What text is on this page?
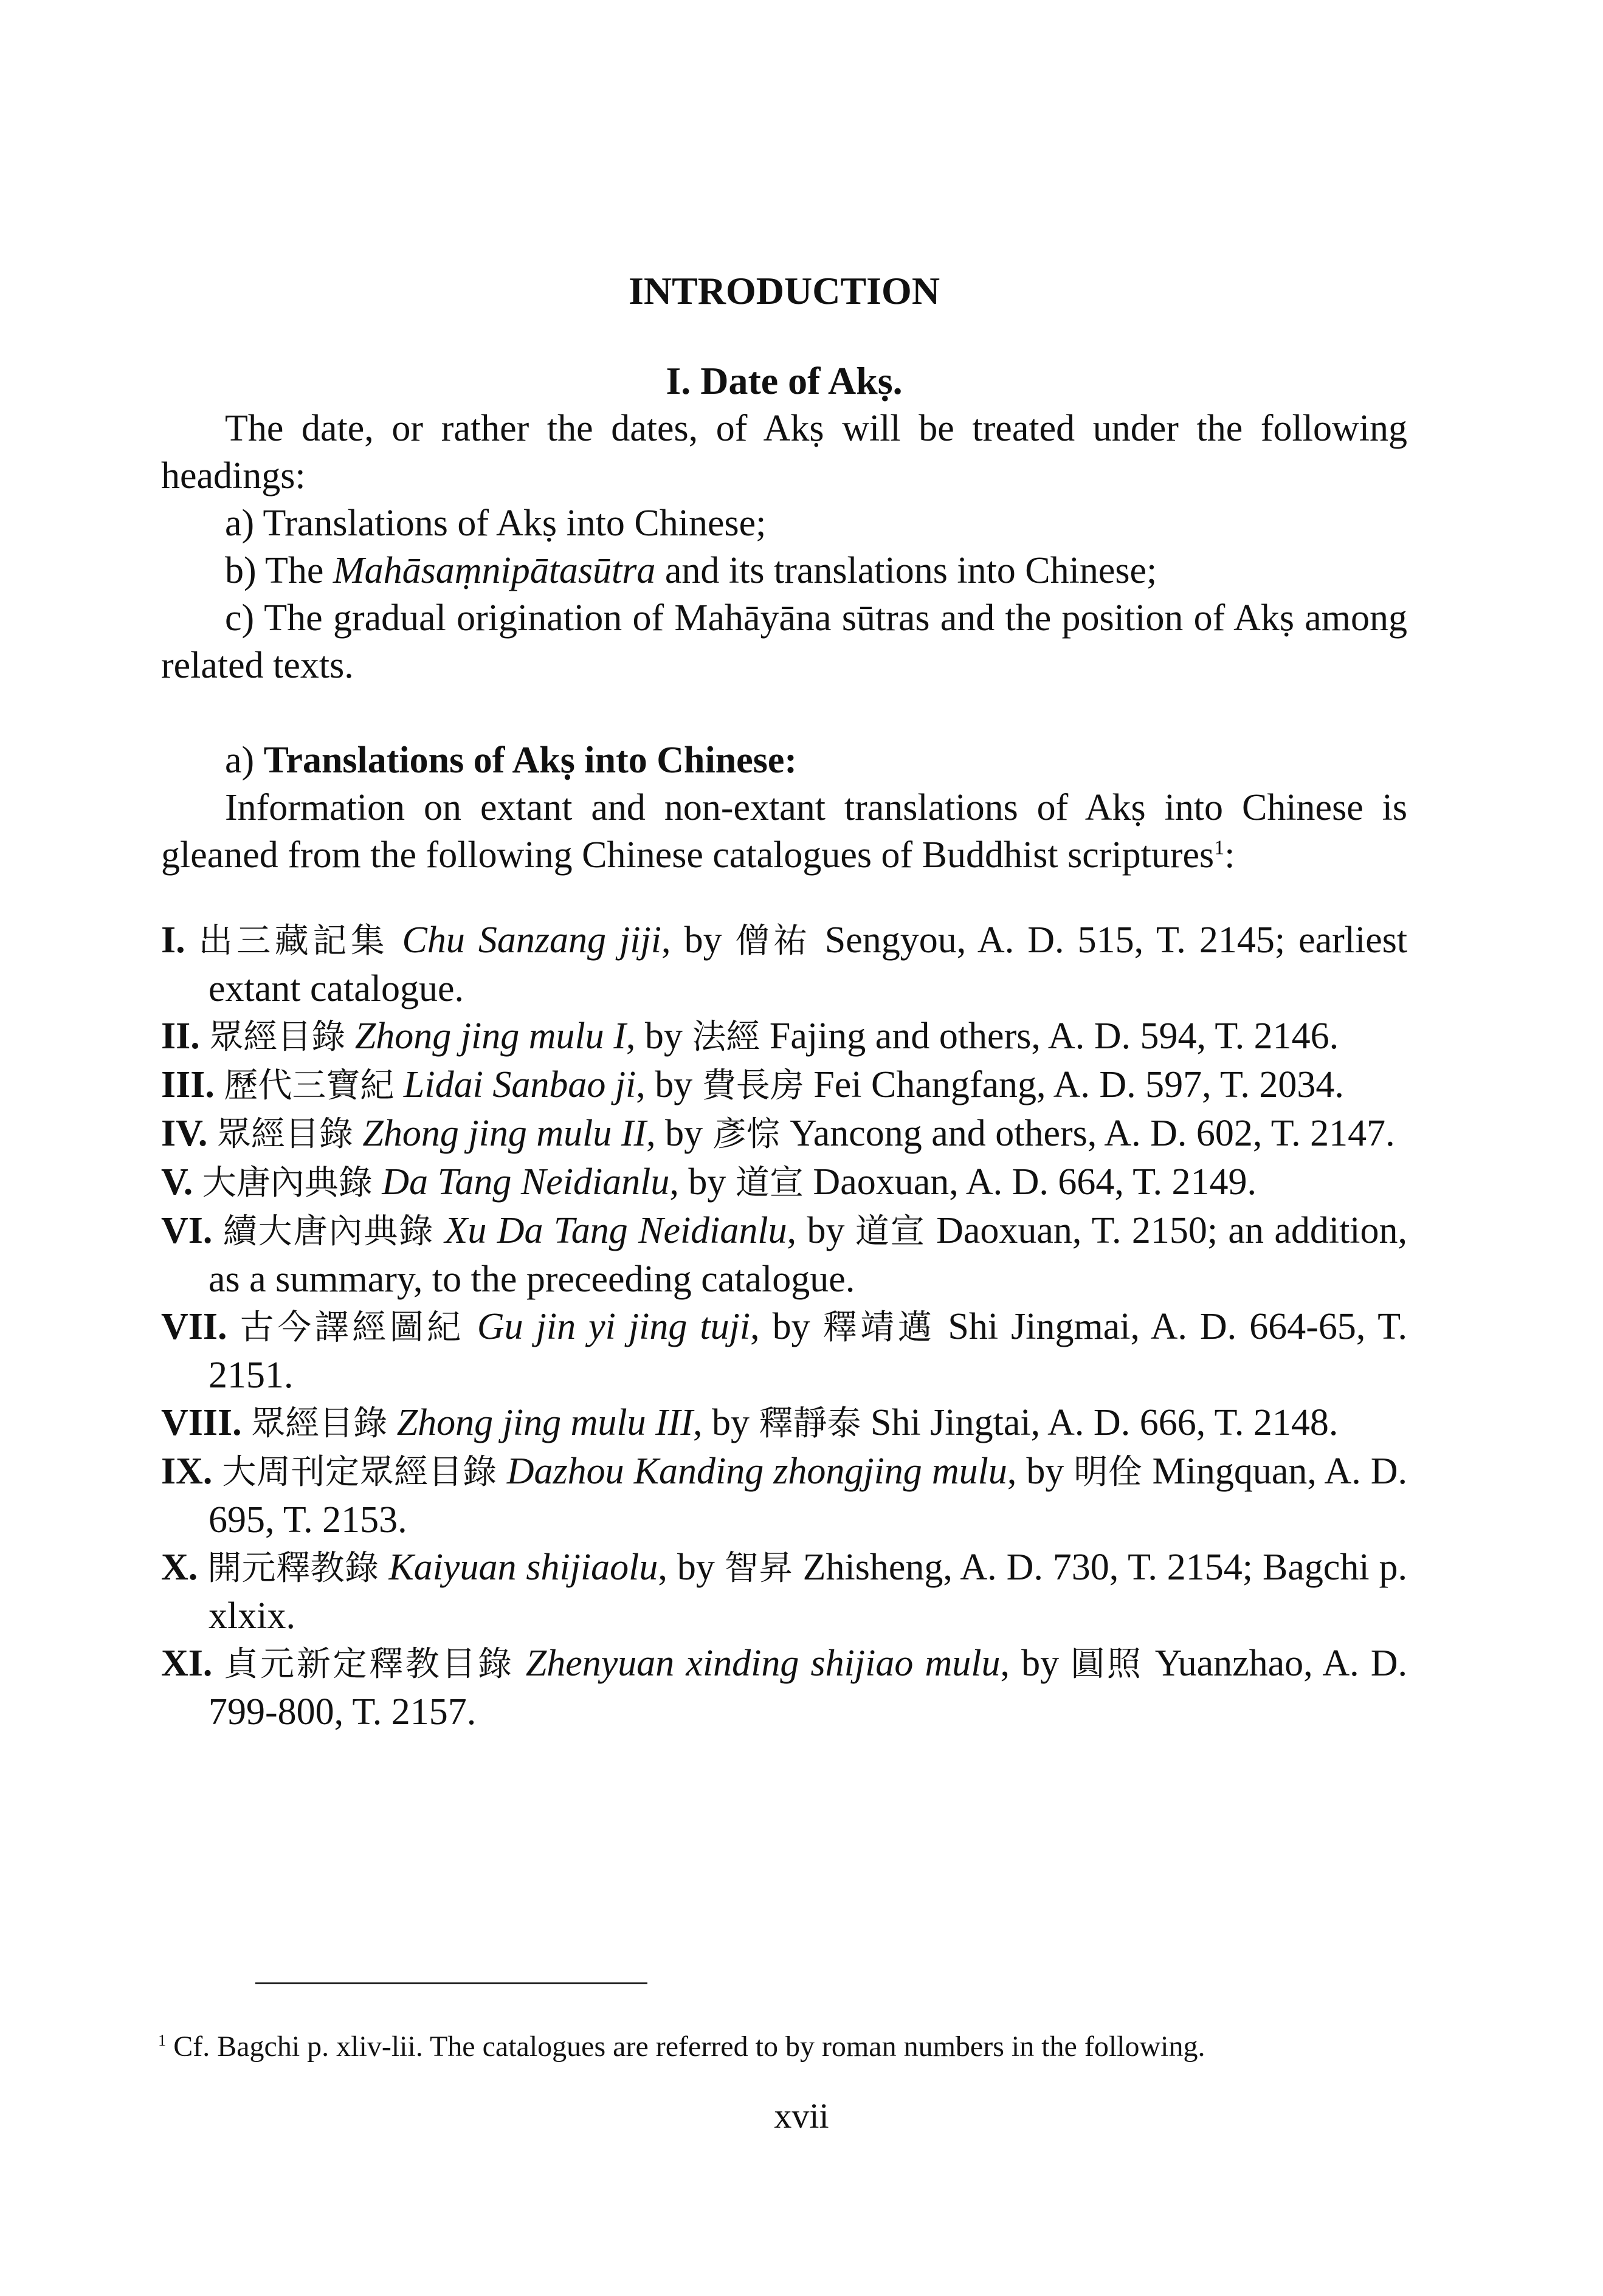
INTRODUCTION

I. Date of Akṣ.

The date, or rather the dates, of Akṣ will be treated under the following headings:

a) Translations of Akṣ into Chinese;

b) The Mahāsaṃnipātasūtra and its translations into Chinese;

c) The gradual origination of Mahāyāna sūtras and the position of Akṣ among related texts.

a) Translations of Akṣ into Chinese:

Information on extant and non-extant translations of Akṣ into Chinese is gleaned from the following Chinese catalogues of Buddhist scriptures$^1$:

I. 出三藏記集 Chu Sanzang jiji, by 僧祐 Sengyou, A. D. 515, T. 2145; earliest extant catalogue.

II. 眾經目錄 Zhong jing mulu I, by 法經 Fajing and others, A. D. 594, T. 2146.

III. 歷代三寶紀 Lidai Sanbao ji, by 費長房 Fei Changfang, A. D. 597, T. 2034.

IV. 眾經目錄 Zhong jing mulu II, by 彥悰 Yancong and others, A. D. 602, T. 2147.

V. 大唐內典錄 Da Tang Neidianlu, by 道宣 Daoxuan, A. D. 664, T. 2149.

VI. 續大唐內典錄 Xu Da Tang Neidianlu, by 道宣 Daoxuan, T. 2150; an addition, as a summary, to the preceeding catalogue.

VII. 古今譯經圖紀 Gu jin yi jing tuji, by 釋靖邁 Shi Jingmai, A. D. 664-65, T. 2151.

VIII. 眾經目錄 Zhong jing mulu III, by 釋靜泰 Shi Jingtai, A. D. 666, T. 2148.

IX. 大周刊定眾經目錄 Dazhou Kanding zhongjing mulu, by 明佺 Mingquan, A. D. 695, T. 2153.

X. 開元釋教錄 Kaiyuan shijiaolu, by 智昇 Zhisheng, A. D. 730, T. 2154; Bagchi p. xlxix.

XI. 貞元新定釋教目錄 Zhenyuan xinding shijiao mulu, by 圓照 Yuanzhao, A. D. 799-800, T. 2157.

$^1$ Cf. Bagchi p. xliv-lii. The catalogues are referred to by roman numbers in the following.

xvii
